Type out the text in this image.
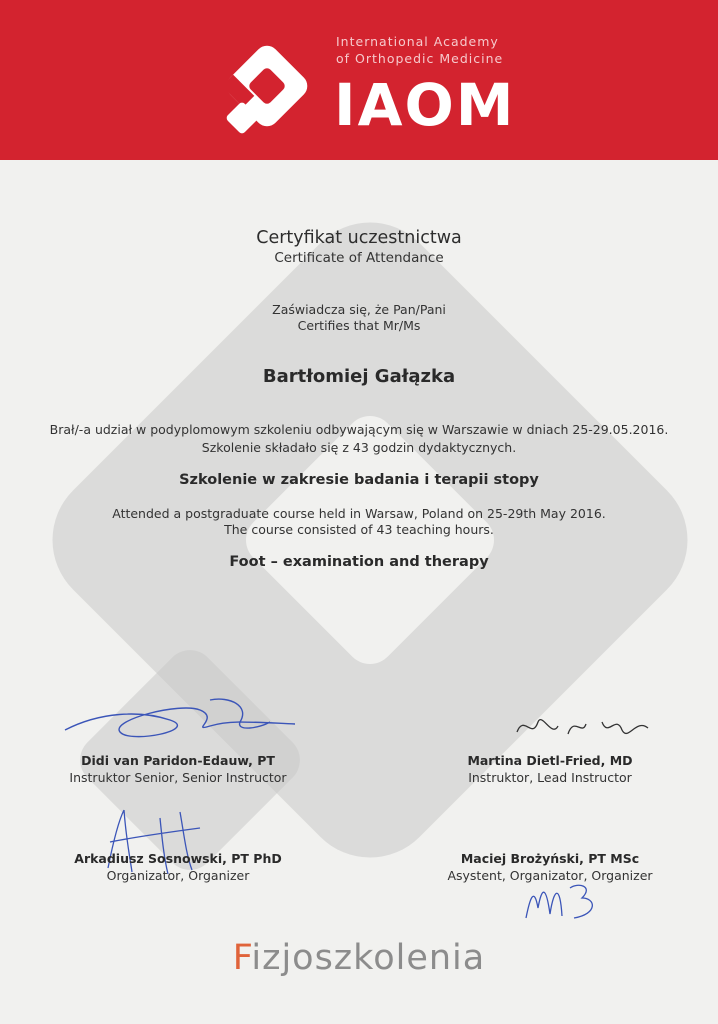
International Academy
of Orthopedic Medicine
IAOM
Certyfikat uczestnictwa
Certificate of Attendance
Zaświadcza się, że Pan/Pani
Certifies that Mr/Ms
Bartłomiej Gałązka
Brał/-a udział w podyplomowym szkoleniu odbywającym się w Warszawie w dniach 25-29.05.2016.
Szkolenie składało się z 43 godzin dydaktycznych.
Szkolenie w zakresie badania i terapii stopy
Attended a postgraduate course held in Warsaw, Poland on 25-29th May 2016.
The course consisted of 43 teaching hours.
Foot – examination and therapy
Didi van Paridon-Edauw, PT
Instruktor Senior, Senior Instructor
Martina Dietl-Fried, MD
Instruktor, Lead Instructor
Arkadiusz Sosnowski, PT PhD
Organizator, Organizer
Maciej Brożyński, PT MSc
Asystent, Organizator, Organizer
Fizjoszkolenia
